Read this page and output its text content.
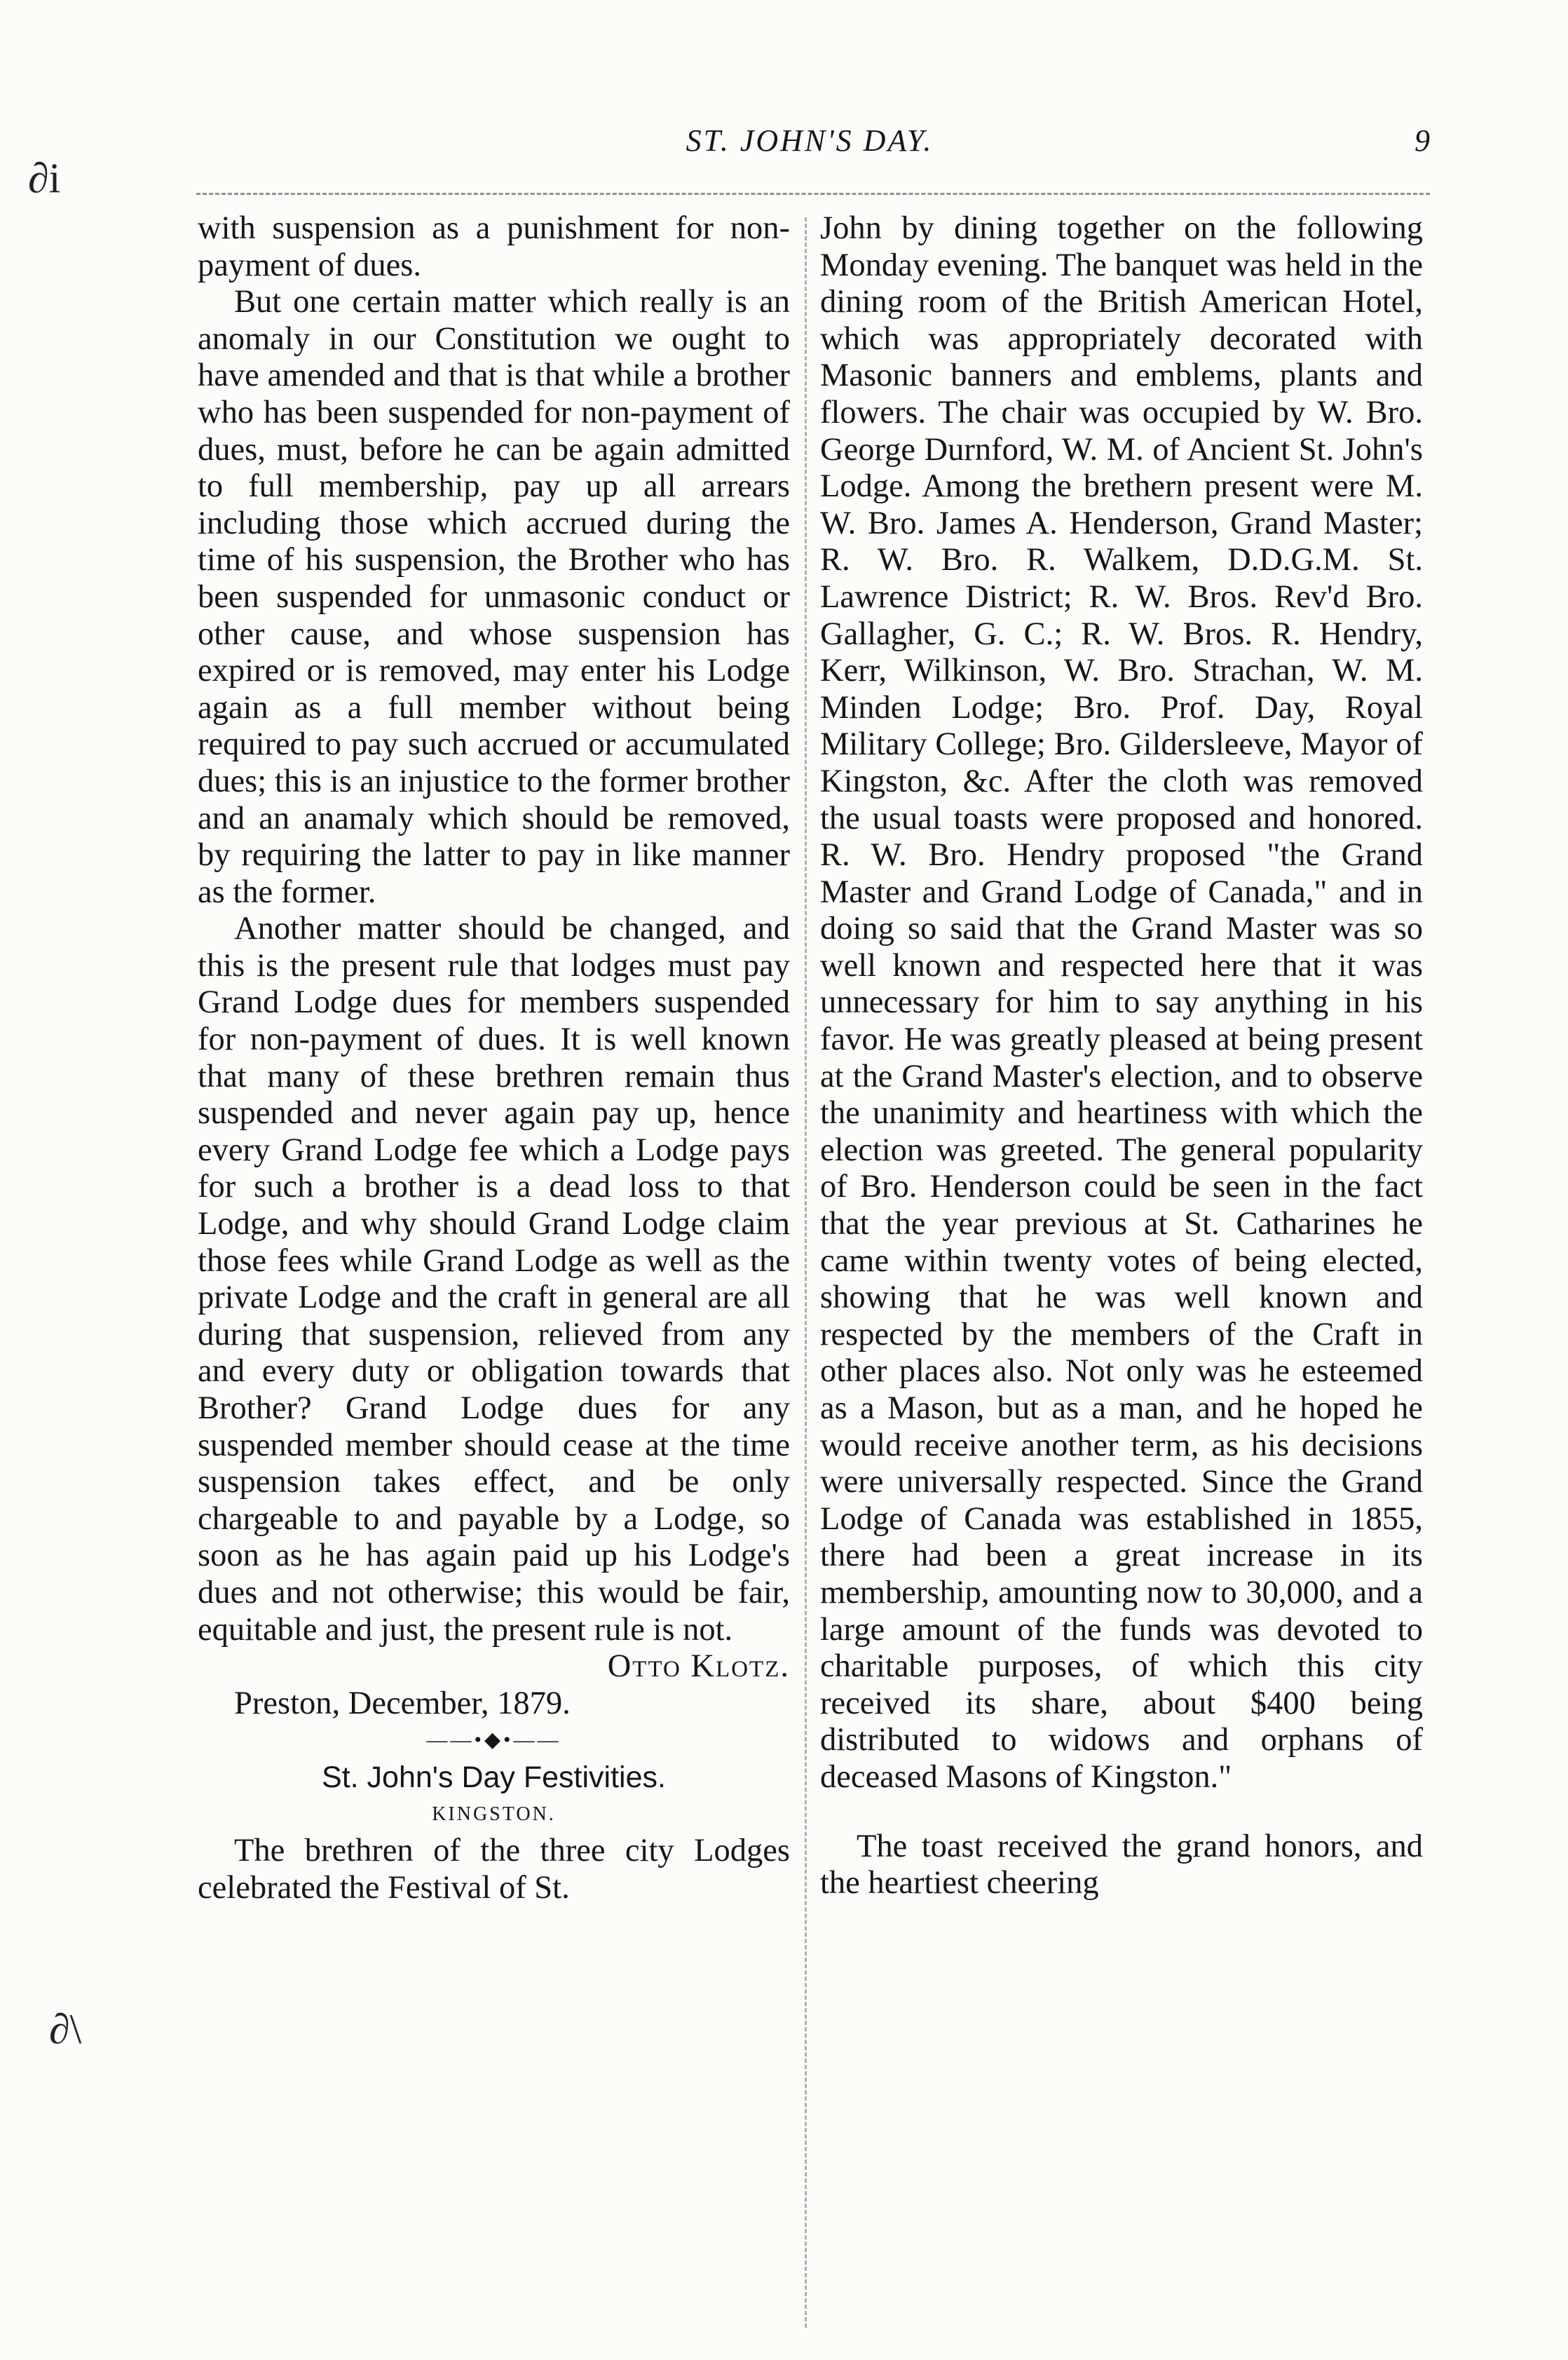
ST. JOHN'S DAY.	9
∂i
∂\

with suspension as a punishment for non-payment of dues.

But one certain matter which really is an anomaly in our Constitution we ought to have amended and that is that while a brother who has been suspended for non-payment of dues, must, before he can be again admitted to full membership, pay up all arrears including those which accrued during the time of his suspension, the Brother who has been suspended for unmasonic conduct or other cause, and whose suspension has expired or is removed, may enter his Lodge again as a full member without being required to pay such accrued or accumulated dues; this is an injustice to the former brother and an anamaly which should be removed, by requiring the latter to pay in like manner as the former.

Another matter should be changed, and this is the present rule that lodges must pay Grand Lodge dues for members suspended for non-payment of dues. It is well known that many of these brethren remain thus suspended and never again pay up, hence every Grand Lodge fee which a Lodge pays for such a brother is a dead loss to that Lodge, and why should Grand Lodge claim those fees while Grand Lodge as well as the private Lodge and the craft in general are all during that suspension, relieved from any and every duty or obligation towards that Brother? Grand Lodge dues for any suspended member should cease at the time suspension takes effect, and be only chargeable to and payable by a Lodge, so soon as he has again paid up his Lodge's dues and not otherwise; this would be fair, equitable and just, the present rule is not.

Otto Klotz.

Preston, December, 1879.

——•◆•——

St. John's Day Festivities.

KINGSTON.

The brethren of the three city Lodges celebrated the Festival of St.

John by dining together on the following Monday evening. The banquet was held in the dining room of the British American Hotel, which was appropriately decorated with Masonic banners and emblems, plants and flowers. The chair was occupied by W. Bro. George Durnford, W. M. of Ancient St. John's Lodge. Among the brethern present were M. W. Bro. James A. Henderson, Grand Master; R. W. Bro. R. Walkem, D.D.G.M. St. Lawrence District; R. W. Bros. Rev'd Bro. Gallagher, G. C.; R. W. Bros. R. Hendry, Kerr, Wilkinson, W. Bro. Strachan, W. M. Minden Lodge; Bro. Prof. Day, Royal Military College; Bro. Gildersleeve, Mayor of Kingston, &c. After the cloth was removed the usual toasts were proposed and honored. R. W. Bro. Hendry proposed "the Grand Master and Grand Lodge of Canada," and in doing so said that the Grand Master was so well known and respected here that it was unnecessary for him to say anything in his favor. He was greatly pleased at being present at the Grand Master's election, and to observe the unanimity and heartiness with which the election was greeted. The general popularity of Bro. Henderson could be seen in the fact that the year previous at St. Catharines he came within twenty votes of being elected, showing that he was well known and respected by the members of the Craft in other places also. Not only was he esteemed as a Mason, but as a man, and he hoped he would receive another term, as his decisions were universally respected. Since the Grand Lodge of Canada was established in 1855, there had been a great increase in its membership, amounting now to 30,000, and a large amount of the funds was devoted to charitable purposes, of which this city received its share, about $400 being distributed to widows and orphans of deceased Masons of Kingston."

The toast received the grand honors, and the heartiest cheering
